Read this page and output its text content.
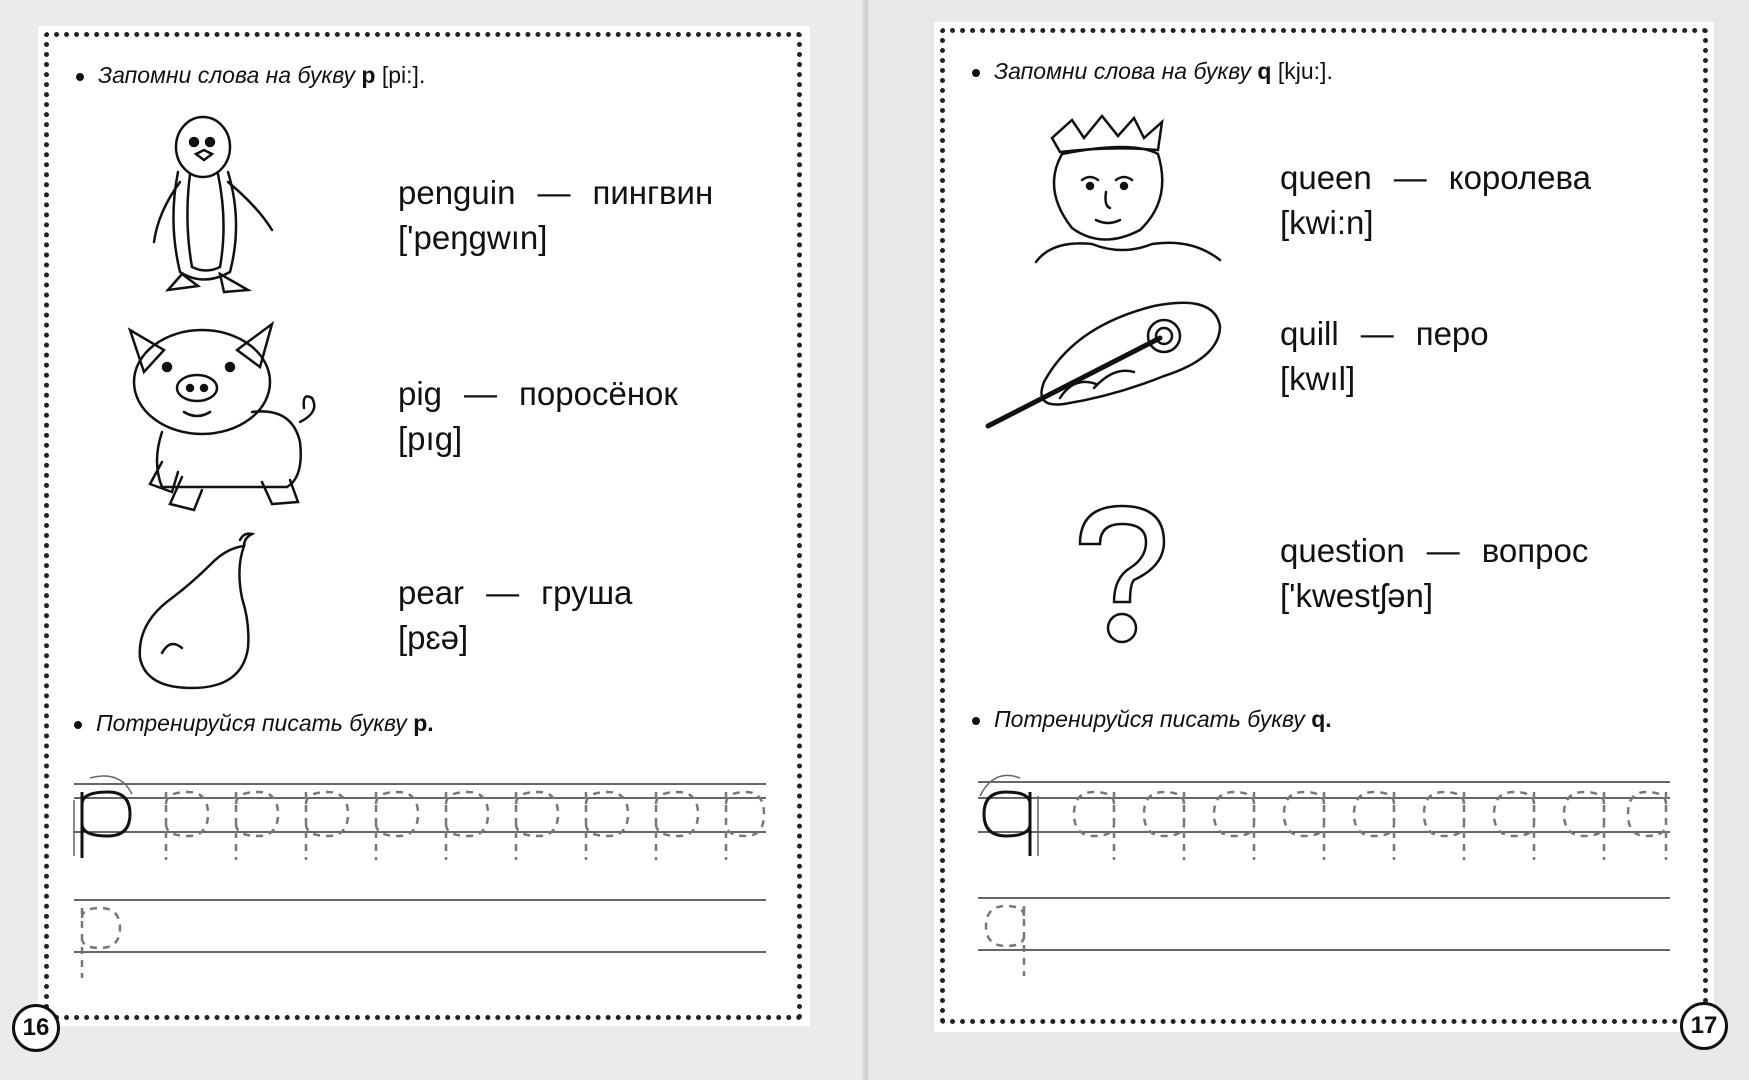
Запомни слова на букву p [pi:].
penguin — пингвин
['peŋgwın]
pig — поросёнок
[pıg]
pear — груша
[pɛə]
Потренируйся писать букву p.
16
Запомни слова на букву q [kju:].
queen — королева
[kwi:n]
quill — перо
[kwıl]
question — вопрос
['kwestʃən]
Потренируйся писать букву q.
17
